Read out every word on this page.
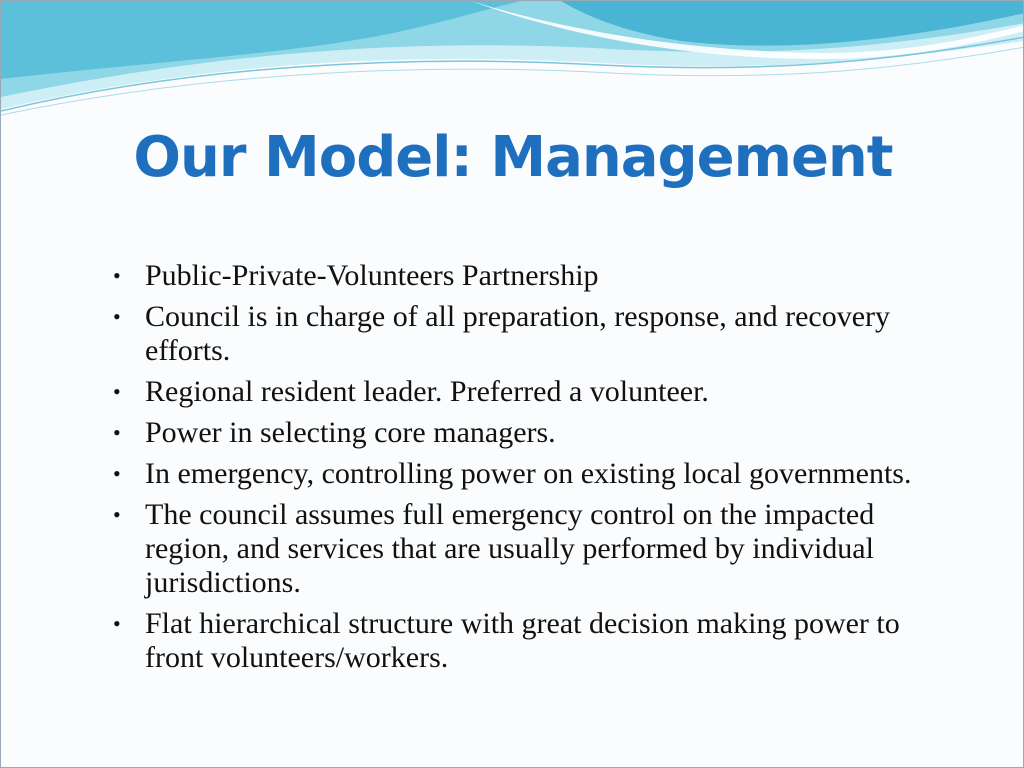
Our Model: Management
• Public-Private-Volunteers Partnership
• Council is in charge of all preparation, response, and recovery efforts.
• Regional resident leader. Preferred a volunteer.
• Power in selecting core managers.
• In emergency, controlling power on existing local governments.
• The council assumes full emergency control on the impacted region, and services that are usually performed by individual jurisdictions.
• Flat hierarchical structure with great decision making power to front volunteers/workers.
